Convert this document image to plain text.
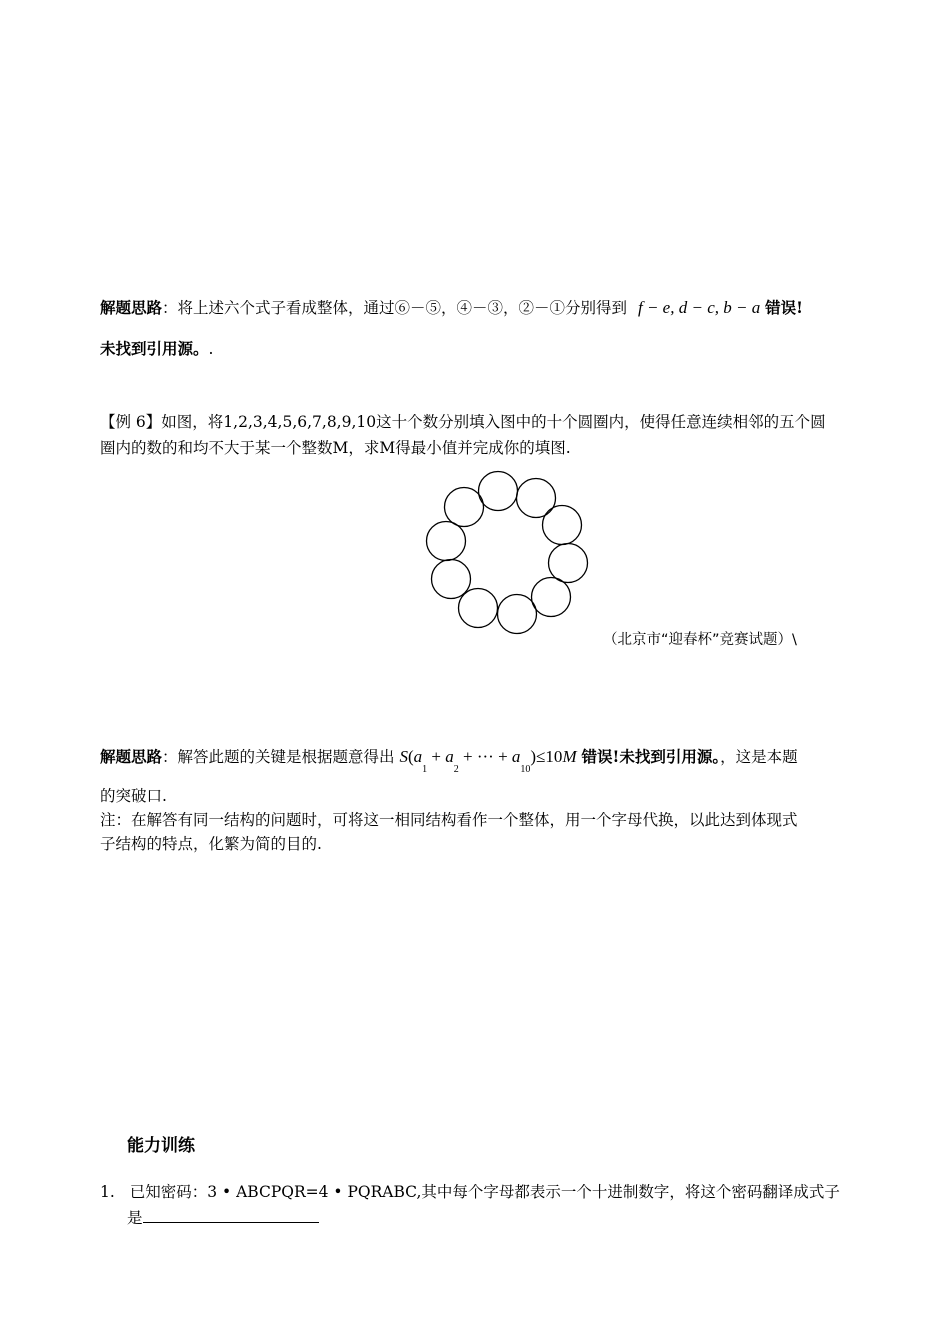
解题思路：将上述六个式子看成整体，通过⑥－⑤，④－③，②－①分别得到 f − e, d − c, b − a 错误!
未找到引用源。.
【例 6】如图，将1,2,3,4,5,6,7,8,9,10这十个数分别填入图中的十个圆圈内，使得任意连续相邻的五个圆
圈内的数的和均不大于某一个整数M，求M得最小值并完成你的填图.
（北京市“迎春杯”竞赛试题）\
解题思路：解答此题的关键是根据题意得出 $S(a_1 + a_2$ + ··· + $a_{10})\le 10M$ 错误!未找到引用源。，这是本题
的突破口.
注：在解答有同一结构的问题时，可将这一相同结构看作一个整体，用一个字母代换，以此达到体现式
子结构的特点，化繁为简的目的.
能力训练
1. 已知密码：3 • ABCPQR=4 • PQRABC,其中每个字母都表示一个十进制数字，将这个密码翻译成式子
是
